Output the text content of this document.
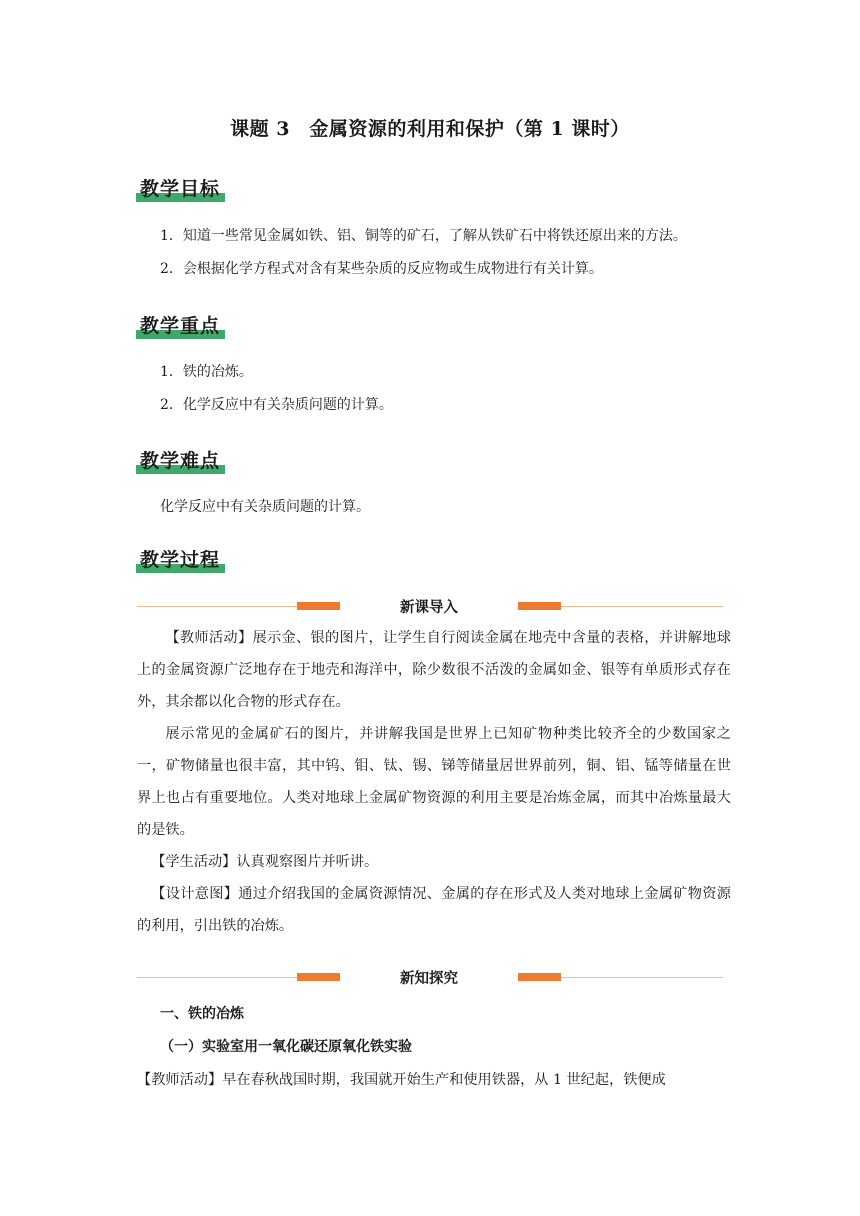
课题 3　金属资源的利用和保护（第 1 课时）
教学目标
1．知道一些常见金属如铁、铝、铜等的矿石，了解从铁矿石中将铁还原出来的方法。
2．会根据化学方程式对含有某些杂质的反应物或生成物进行有关计算。
教学重点
1．铁的冶炼。
2．化学反应中有关杂质问题的计算。
教学难点
化学反应中有关杂质问题的计算。
教学过程
新课导入

【教师活动】展示金、银的图片，让学生自行阅读金属在地壳中含量的表格，并讲解地球上的金属资源广泛地存在于地壳和海洋中，除少数很不活泼的金属如金、银等有单质形式存在外，其余都以化合物的形式存在。

展示常见的金属矿石的图片，并讲解我国是世界上已知矿物种类比较齐全的少数国家之一，矿物储量也很丰富，其中钨、钼、钛、锡、锑等储量居世界前列，铜、铝、锰等储量在世界上也占有重要地位。人类对地球上金属矿物资源的利用主要是冶炼金属，而其中冶炼量最大的是铁。

【学生活动】认真观察图片并听讲。

【设计意图】通过介绍我国的金属资源情况、金属的存在形式及人类对地球上金属矿物资源的利用，引出铁的冶炼。

新知探究
一、铁的冶炼
（一）实验室用一氧化碳还原氧化铁实验

【教师活动】早在春秋战国时期，我国就开始生产和使用铁器，从 1 世纪起，铁便成
